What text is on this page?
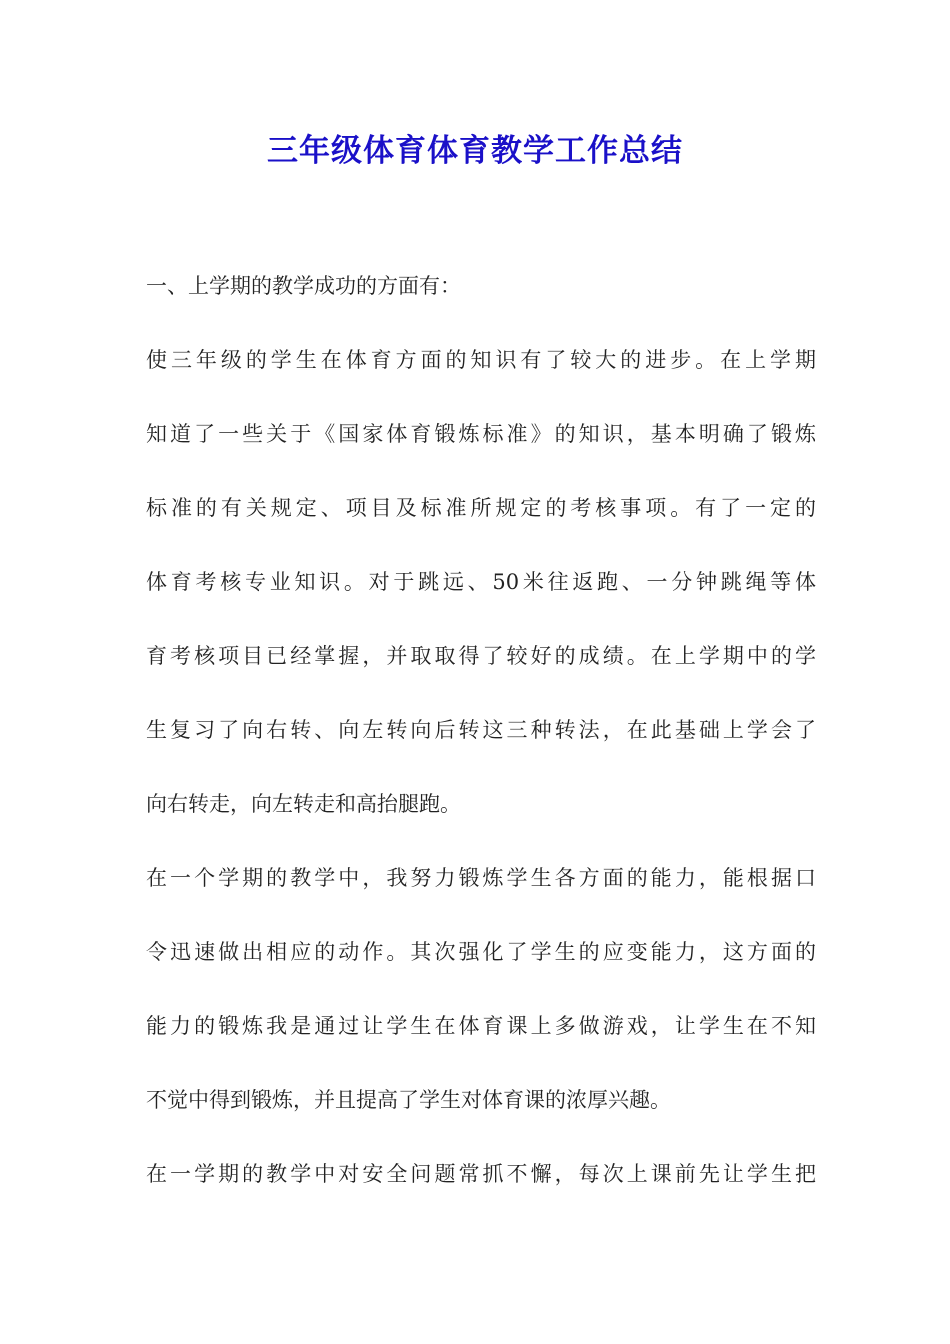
三年级体育体育教学工作总结
一、上学期的教学成功的方面有：
使三年级的学生在体育方面的知识有了较大的进步。在上学期
知道了一些关于《国家体育锻炼标准》的知识，基本明确了锻炼
标准的有关规定、项目及标准所规定的考核事项。有了一定的
体育考核专业知识。对于跳远、50米往返跑、一分钟跳绳等体
育考核项目已经掌握，并取取得了较好的成绩。在上学期中的学
生复习了向右转、向左转向后转这三种转法，在此基础上学会了
向右转走，向左转走和高抬腿跑。
在一个学期的教学中，我努力锻炼学生各方面的能力，能根据口
令迅速做出相应的动作。其次强化了学生的应变能力，这方面的
能力的锻炼我是通过让学生在体育课上多做游戏，让学生在不知
不觉中得到锻炼，并且提高了学生对体育课的浓厚兴趣。
在一学期的教学中对安全问题常抓不懈，每次上课前先让学生把
